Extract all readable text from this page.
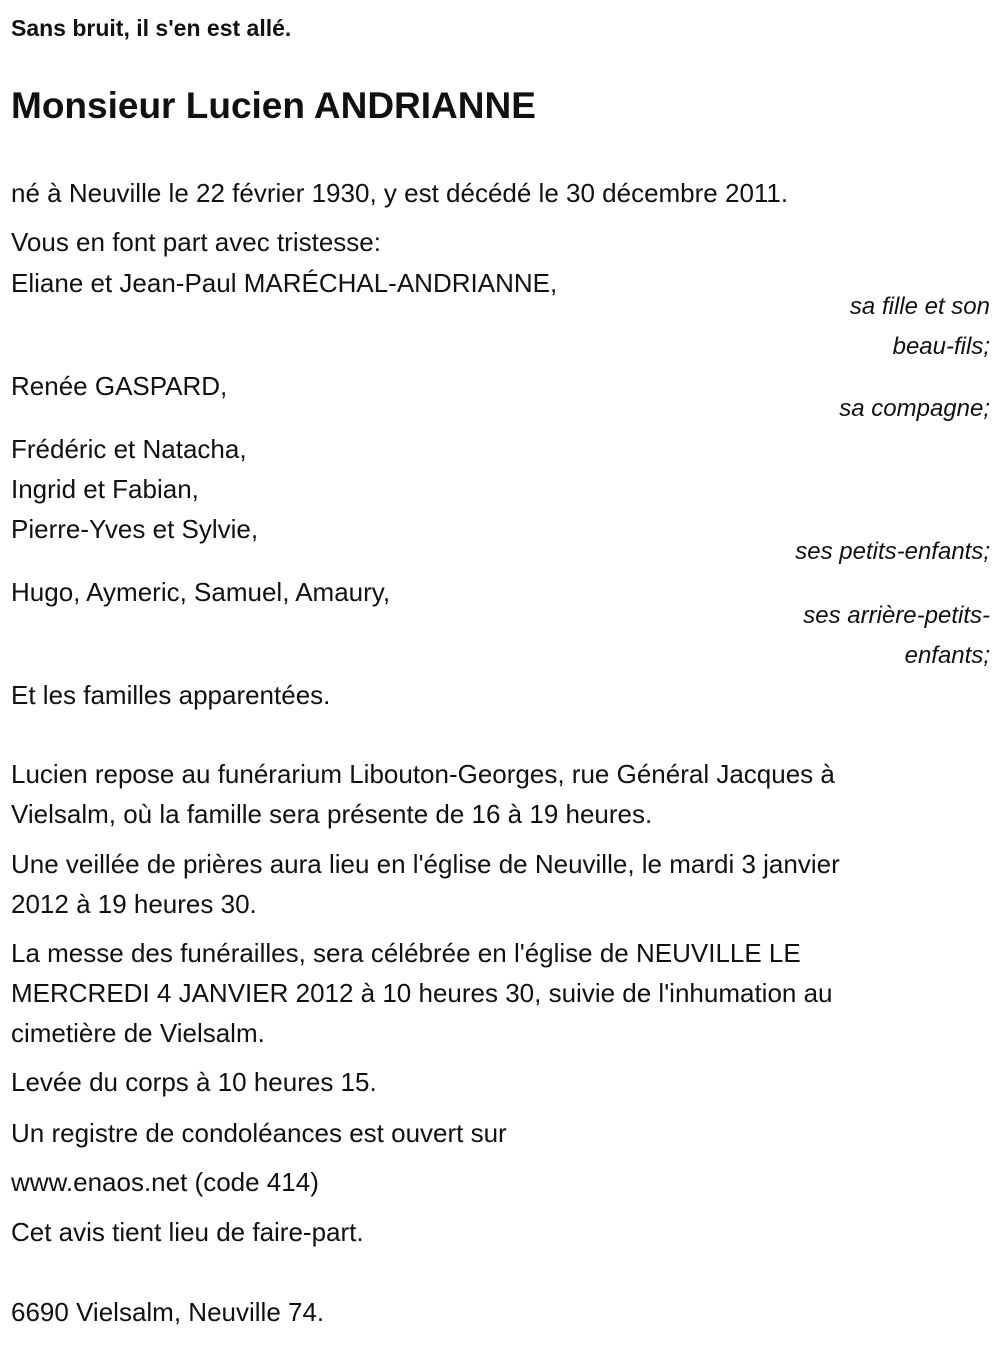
Sans bruit, il s'en est allé.
Monsieur Lucien ANDRIANNE
né à Neuville le 22 février 1930, y est décédé le 30 décembre 2011.
Vous en font part avec tristesse:
Eliane et Jean-Paul MARÉCHAL-ANDRIANNE,
sa fille et son
beau-fils;
Renée GASPARD,
sa compagne;
Frédéric et Natacha,
Ingrid et Fabian,
Pierre-Yves et Sylvie,
ses petits-enfants;
Hugo, Aymeric, Samuel, Amaury,
ses arrière-petits-
enfants;
Et les familles apparentées.
Lucien repose au funérarium Libouton-Georges, rue Général Jacques à
Vielsalm, où la famille sera présente de 16 à 19 heures.
Une veillée de prières aura lieu en l'église de Neuville, le mardi 3 janvier
2012 à 19 heures 30.
La messe des funérailles, sera célébrée en l'église de NEUVILLE LE
MERCREDI 4 JANVIER 2012 à 10 heures 30, suivie de l'inhumation au
cimetière de Vielsalm.
Levée du corps à 10 heures 15.
Un registre de condoléances est ouvert sur
www.enaos.net (code 414)
Cet avis tient lieu de faire-part.
6690 Vielsalm, Neuville 74.
